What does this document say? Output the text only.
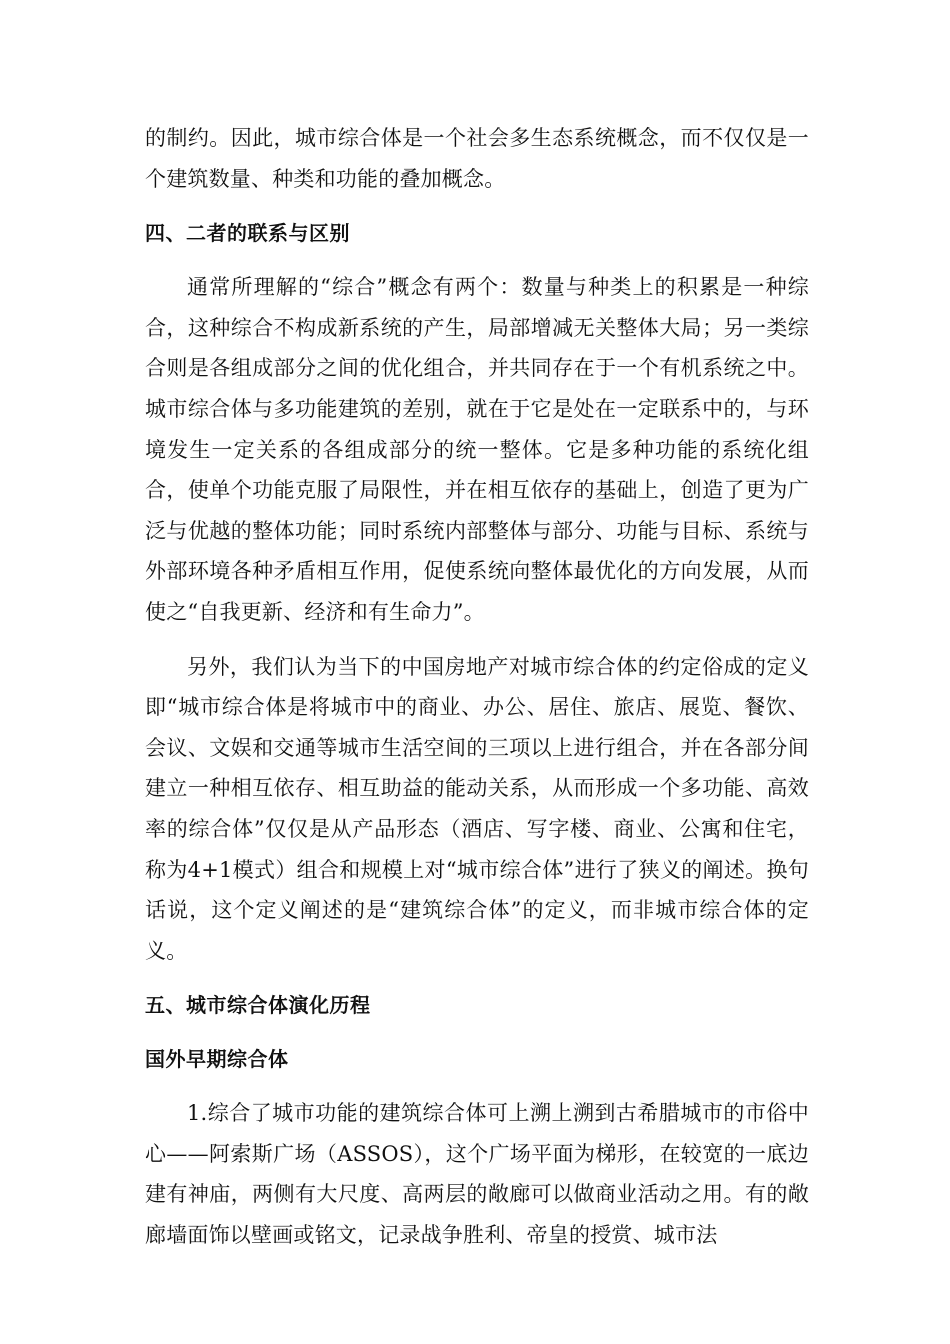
的制约。因此，城市综合体是一个社会多生态系统概念，而不仅仅是一个建筑数量、种类和功能的叠加概念。

四、二者的联系与区别

通常所理解的“综合”概念有两个：数量与种类上的积累是一种综合，这种综合不构成新系统的产生，局部增减无关整体大局；另一类综合则是各组成部分之间的优化组合，并共同存在于一个有机系统之中。城市综合体与多功能建筑的差别，就在于它是处在一定联系中的，与环境发生一定关系的各组成部分的统一整体。它是多种功能的系统化组合，使单个功能克服了局限性，并在相互依存的基础上，创造了更为广泛与优越的整体功能；同时系统内部整体与部分、功能与目标、系统与外部环境各种矛盾相互作用，促使系统向整体最优化的方向发展，从而使之“自我更新、经济和有生命力”。

另外，我们认为当下的中国房地产对城市综合体的约定俗成的定义即“城市综合体是将城市中的商业、办公、居住、旅店、展览、餐饮、会议、文娱和交通等城市生活空间的三项以上进行组合，并在各部分间建立一种相互依存、相互助益的能动关系，从而形成一个多功能、高效率的综合体”仅仅是从产品形态（酒店、写字楼、商业、公寓和住宅，称为4+1模式）组合和规模上对“城市综合体”进行了狭义的阐述。换句话说，这个定义阐述的是“建筑综合体”的定义，而非城市综合体的定义。

五、城市综合体演化历程
国外早期综合体

1.综合了城市功能的建筑综合体可上溯上溯到古希腊城市的市俗中心——阿索斯广场（ASSOS），这个广场平面为梯形，在较宽的一底边建有神庙，两侧有大尺度、高两层的敞廊可以做商业活动之用。有的敞廊墙面饰以壁画或铭文，记录战争胜利、帝皇的授赏、城市法
